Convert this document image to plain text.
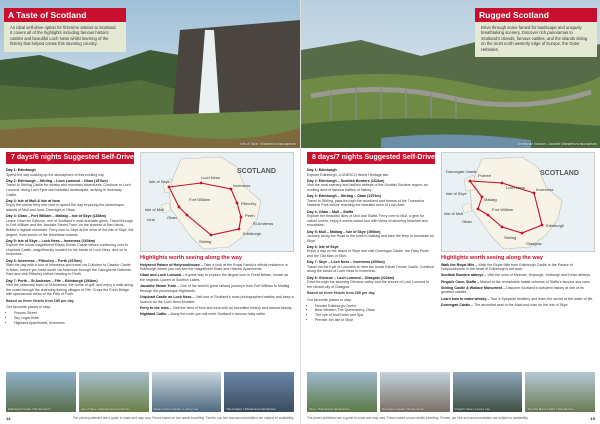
A Taste of Scotland

An ideal self-drive option for first-time visitors to Scotland. It covers all of the highlights including famous historic castles and beautiful Loch Ness whilst learning of the history that helped create this stunning country.

Isle of Skye / Wanderlust Istockphoto
7 days/6 nights Suggested Self-Drive

Day 1: Edinburgh
Spend the day soaking up the atmosphere of this exciting city.

Day 2: Edinburgh – Stirling – Loch Lomond – Oban (157km)
Travel to Stirling Castle for whisky and mountain adventures. Continue to Loch Lomond, along Loch Fyne and beautiful landscapes, arriving in Inveraray Castle.

Day 3: Isle of Mull & Isle of Iona
Enjoy the scenic ferry ride over to spend the day exploring the picturesque islands of Mull and Iona. Overnight in Oban.

Day 4: Oban – Fort William – Mallaig – Isle of Skye (183km)
Leave Oban for Glencoe, one of Scotland's most dramatic glens. Travel through to Fort William and the Jacobite Steam Train, on the shadow of Ben Nevis, Britain's highest mountain. Ferry over to Skye at the ends of the isle of Skye, the largest, most scenic of the Hebridean islands.

Day 5: Isle of Skye – Loch Ness – Inverness (160km)
Explore the iconic magnificent Eilean Donan Castle before continuing over to Urquhart Castle, magnificently located on the banks of Loch Ness, and on to Inverness.

Day 6: Inverness – Pitlochry – Perth (257km)
Start the day with a tour of Inverness and travel via Culloden to Cawdor Castle in Nairn, before you head south via Aviemore through the Cairngorms National Park and visit Pitlochry before heading to Perth.

Day 7: Perth – St Andrews – Fife – Edinburgh (154km)
Visit the university town of St Andrews, the home of golf, and enjoy a walk along the coast through the charming fishing villages of Fife. Cross the Forth Bridge with spectacular views of the Firth of Forth.

Based on three Hotels from £89 per day

Our favourite places to stay:

• Princes Street
• Sky Legal Hotel
• Highland Aparthotels, Inverness
SCOTLAND
Isle of Skye
Inverness
Fort William
Oban
Isle of Mull
Pitlochry
Perth
St Andrews
Stirling
Edinburgh
Loch Ness
Iona
Highlights worth seeing along the way

Holyrood Palace of Holyroodhouse – Take a look at the Royal Family's official residence in Edinburgh where you can see the magnificent State and Historic Apartments.

Oban and Loch Lomond – A great way to explore the largest loch in Great Britain, known as the majestic Queen of Scottish Lakes.

Jacobite Steam Train – One of the world's great railway journeys from Fort William to Mallaig through the picturesque Highlands.

Urquhart Castle on Loch Ness – Visit one of Scotland's most photographed castles and keep a lookout for the Loch Ness Monster.

Ferry to the Isles – Visit the Isles of Mull and Iona with an incredible history and natural beauty.

Highland Cattle – Along the route you will meet Scotland's famous hairy cattle.

Edinburgh Castle / Shutterstock	Isle of Skye / Wanderlust Istockphoto	Eilean Donan Castle / Luxury Lau	The Kelpies / Wanderlust Istockphoto
14	The prices published are a guide to costs and may vary. Prices based on two adults travelling. Ferries, car hire and accommodation are subject to availability.
Rugged Scotland

Drive through some famed for landscape and uniquely breathtaking scenery. Discover rich panoramas to Scotland's islands, famous castles, and the islands sitting on the most north westerly edge of Europe, the Outer Hebrides.

Glenfinnan Viaduct / Jacobite Wanderlust Istockphoto
8 days/7 nights Suggested Self-Drive

Day 1: Edinburgh
Explore Edinburgh, a UNESCO World Heritage site.

Day 2: Edinburgh – Scottish Borders (162km)
Visit the rural scenery and historic abbeys of the Scottish Borders region, an exciting area of famous battles of history.

Day 3: Edinburgh – Stirling – Oban (197km)
Travel to Stirling, pass through the woodland and forests of the Trossachs National Park before reaching the beautiful town of Loch Awe.

Day 4: Oban – Mull – Staffa
Explore the beautiful Isles of Mull and Staffa. Ferry over to Mull, a gem for nature lovers, enjoy a scenic island tour with views of stunning beaches and mountains.

Day 5: Mull – Mallaig – Isle of Skye (190km)
Journey along the Road to the Isles to Mallaig and take the ferry to Armadale on Skye.

Day 6: Isle of Skye
Enjoy a day on the island of Skye and visit Dunvegan Castle, the Fairy Pools and the Old Man of Storr.

Day 7: Skye – Loch Ness – Inverness (200km)
Travel via the Kyle of Lochalsh to view the iconic Eilean Donan Castle. Continue along the banks of Loch Ness to Inverness.

Day 8: Glencoe – Loch Lomond – Glasgow (222km)
Drive through the stunning Glencoe valley and the shores of Loch Lomond to the vibrant city of Glasgow.

Based on three Hotels from £89 per day

Our favourite places to stay:

• Novotel Edinburgh Centre
• Best Western The Queensferry, Oban
• The Isle of Mull Hotel and Spa
• Premier Inn Isle of Skye
SCOTLAND
Dunvegan Castle
Portree
Isle of Skye
Inverness
Loch Ness
Fort William
Mallaig
Oban
Isle of Mull
Stirling
Edinburgh
Glasgow
Highlights worth seeing along the way

Walk the Royal Mile – Walk the Royal Mile from Edinburgh Castle to the Palace of Holyroodhouse in the heart of Edinburgh's old town.

Scottish Borders abbeys – Visit the ruins of Melrose, Dryburgh, Jedburgh and Kelso abbeys.

Fingal's Cave, Staffa – Marvel at the remarkable basalt columns of Staffa's famous sea cave.

Stirling Castle & Wallace Monument – Discover Scotland's turbulent history at one of its greatest castles.

Learn how to make whisky – Tour a Speyside distillery and learn the secret of the water of life.

Dunvegan Castle – The ancestral seat of the MacLeod clan on the Isle of Skye.

Skye / Wanderlust Istockphoto	Dunvegan Castle / Shutterstock	Fingal's Cave / Luxury Lau	The Old Man of Storr / Wanderlust
The prices published are a guide to costs and may vary. Prices based on two adults travelling. Ferries, car hire and accommodation are subject to availability.	15
